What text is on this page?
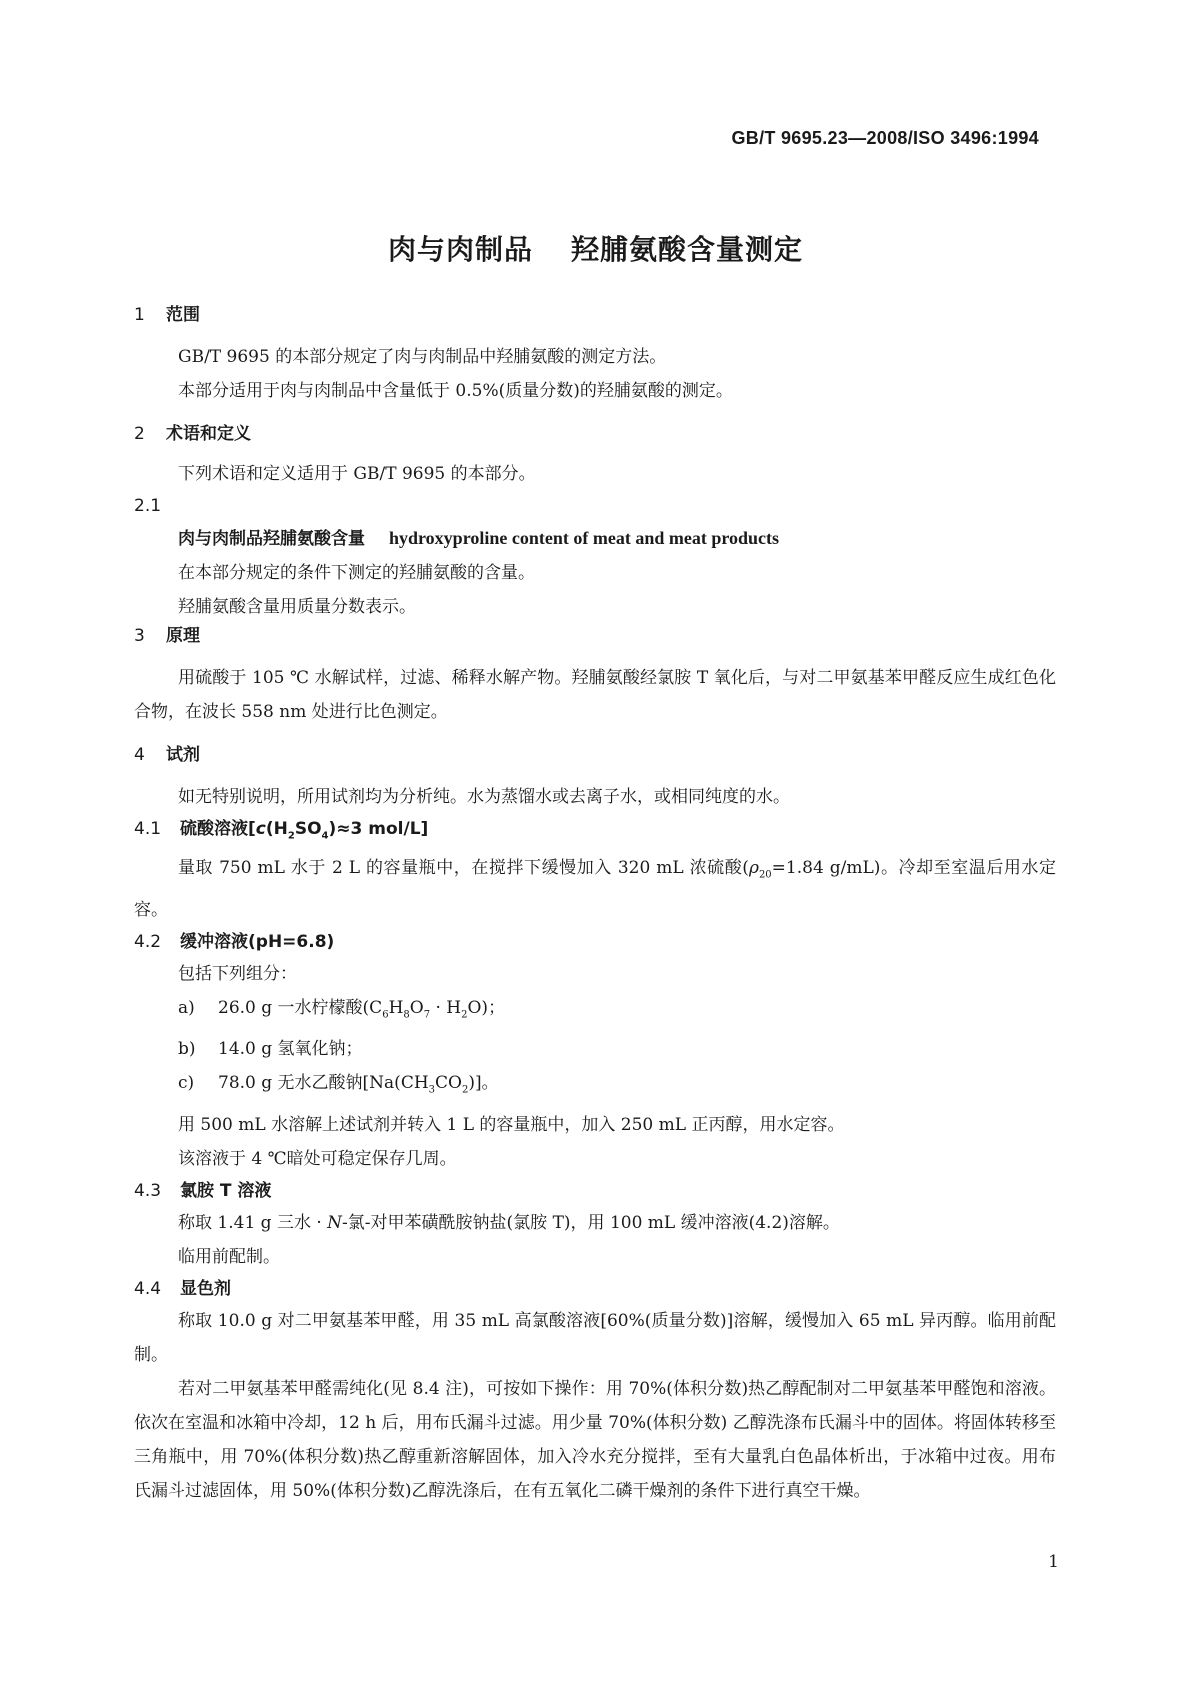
GB/T 9695.23—2008/ISO 3496:1994
肉与肉制品 羟脯氨酸含量测定
1 范围
GB/T 9695 的本部分规定了肉与肉制品中羟脯氨酸的测定方法。
本部分适用于肉与肉制品中含量低于 0.5%(质量分数)的羟脯氨酸的测定。
2 术语和定义
下列术语和定义适用于 GB/T 9695 的本部分。
2.1
肉与肉制品羟脯氨酸含量 hydroxyproline content of meat and meat products
在本部分规定的条件下测定的羟脯氨酸的含量。
羟脯氨酸含量用质量分数表示。
3 原理
用硫酸于 105 ℃ 水解试样，过滤、稀释水解产物。羟脯氨酸经氯胺 T 氧化后，与对二甲氨基苯甲醛反应生成红色化合物，在波长 558 nm 处进行比色测定。
4 试剂
如无特别说明，所用试剂均为分析纯。水为蒸馏水或去离子水，或相同纯度的水。
4.1 硫酸溶液[$c(H_2SO_4)\approx 3$ mol/L]
量取 750 mL 水于 2 L 的容量瓶中，在搅拌下缓慢加入 320 mL 浓硫酸($\rho_{20}=1.84$ g/mL)。冷却至室温后用水定容。
4.2 缓冲溶液(pH=6.8)
包括下列组分：
a) 26.0 g 一水柠檬酸$(C_6H_8O_7 \cdot H_2O)$；
b) 14.0 g 氢氧化钠；
c) 78.0 g 无水乙酸钠$[Na(CH_3CO_2)]$。
用 500 mL 水溶解上述试剂并转入 1 L 的容量瓶中，加入 250 mL 正丙醇，用水定容。
该溶液于 4 ℃暗处可稳定保存几周。
4.3 氯胺 T 溶液
称取 1.41 g 三水 · N-氯-对甲苯磺酰胺钠盐(氯胺 T)，用 100 mL 缓冲溶液(4.2)溶解。
临用前配制。
4.4 显色剂
称取 10.0 g 对二甲氨基苯甲醛，用 35 mL 高氯酸溶液[60%(质量分数)]溶解，缓慢加入 65 mL 异丙醇。临用前配制。
若对二甲氨基苯甲醛需纯化(见 8.4 注)，可按如下操作：用 70%(体积分数)热乙醇配制对二甲氨基苯甲醛饱和溶液。依次在室温和冰箱中冷却，12 h 后，用布氏漏斗过滤。用少量 70%(体积分数) 乙醇洗涤布氏漏斗中的固体。将固体转移至三角瓶中，用 70%(体积分数)热乙醇重新溶解固体，加入冷水充分搅拌，至有大量乳白色晶体析出，于冰箱中过夜。用布氏漏斗过滤固体，用 50%(体积分数)乙醇洗涤后，在有五氧化二磷干燥剂的条件下进行真空干燥。
1
